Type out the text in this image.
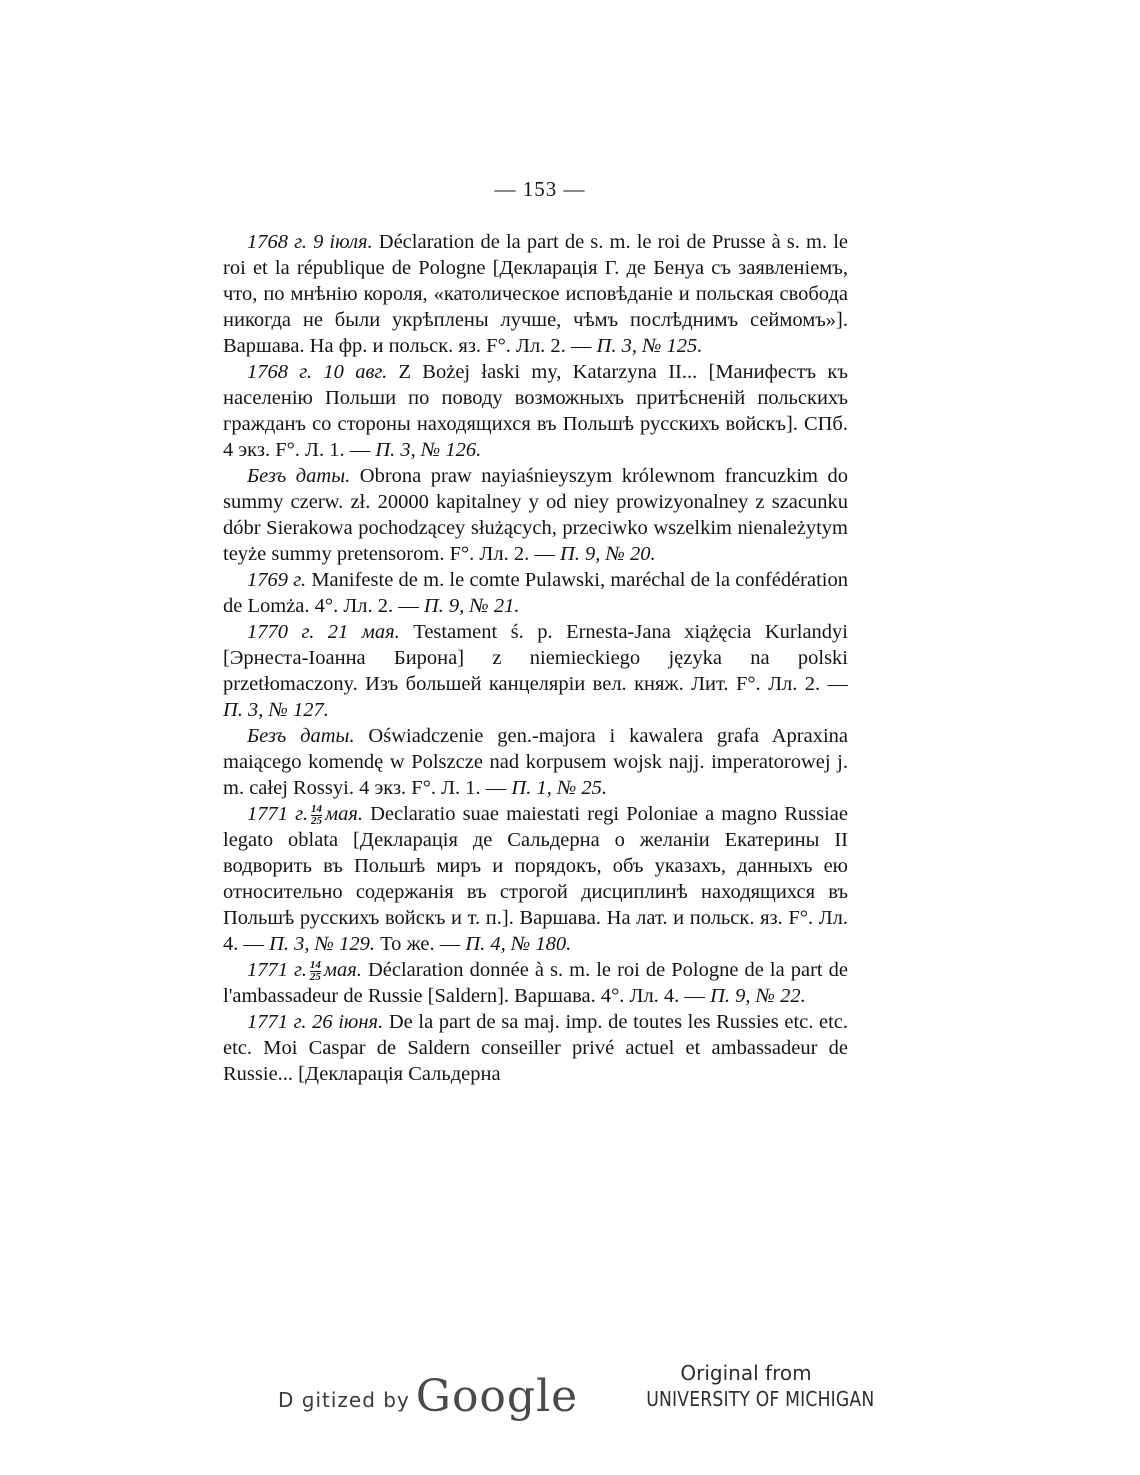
— 153 —

1768 г. 9 іюля. Déclaration de la part de s. m. le roi de Prusse à s. m. le roi et la république de Pologne [Декларація Г. де Бенуа съ заявленіемъ, что, по мнѣнію короля, «католическое исповѣданіе и польская свобода никогда не были укрѣплены лучше, чѣмъ послѣднимъ сеймомъ»]. Варшава. На фр. и польск. яз. F°. Лл. 2. — П. 3, № 125.

1768 г. 10 авг. Z Bożej łaski my, Katarzyna II... [Манифестъ къ населенію Польши по поводу возможныхъ притѣсненій польскихъ гражданъ со стороны находящихся въ Польшѣ русскихъ войскъ]. СПб. 4 экз. F°. Л. 1. — П. 3, № 126.

Безъ даты. Obrona praw nayiaśnieyszym królewnom francuzkim do summy czerw. zł. 20000 kapitalney y od niey prowizyonalney z szacunku dóbr Sierakowa pochodzącey służących, przeciwko wszelkim nienależytym teyże summy pretensorom. F°. Лл. 2. — П. 9, № 20.

1769 г. Manifeste de m. le comte Pulawski, maréchal de la confédération de Lomża. 4°. Лл. 2. — П. 9, № 21.

1770 г. 21 мая. Testament ś. p. Ernesta-Jana xiążęcia Kurlandyi [Эрнеста-Іоанна Бирона] z niemieckiego języka na polski przetłomaczony. Изъ большей канцеляріи вел. княж. Лит. F°. Лл. 2. — П. 3, № 127.

Безъ даты. Oświadczenie gen.-majora i kawalera grafa Apraxina maiącego komendę w Polszcze nad korpusem wojsk najj. imperatorowej j. m. całej Rossyi. 4 экз. F°. Л. 1. — П. 1, № 25.

1771 г. $\frac{14}{25}$ мая. Declaratio suae maiestati regi Poloniae a magno Russiae legato oblata [Декларація де Сальдерна о желаніи Екатерины II водворить въ Польшѣ миръ и порядокъ, объ указахъ, данныхъ ею относительно содержанія въ строгой дисциплинѣ находящихся въ Польшѣ русскихъ войскъ и т. п.]. Варшава. На лат. и польск. яз. F°. Лл. 4. — П. 3, № 129. То же. — П. 4, № 180.

1771 г. $\frac{14}{25}$ мая. Déclaration donnée à s. m. le roi de Pologne de la part de l'ambassadeur de Russie [Saldern]. Варшава. 4°. Лл. 4. — П. 9, № 22.

1771 г. 26 іюня. De la part de sa maj. imp. de toutes les Russies etc. etc. etc. Moi Caspar de Saldern conseiller privé actuel et ambassadeur de Russie... [Декларація Сальдерна

D ɡitized by Google	Original from
UNIVERSITY OF MICHIGAN
